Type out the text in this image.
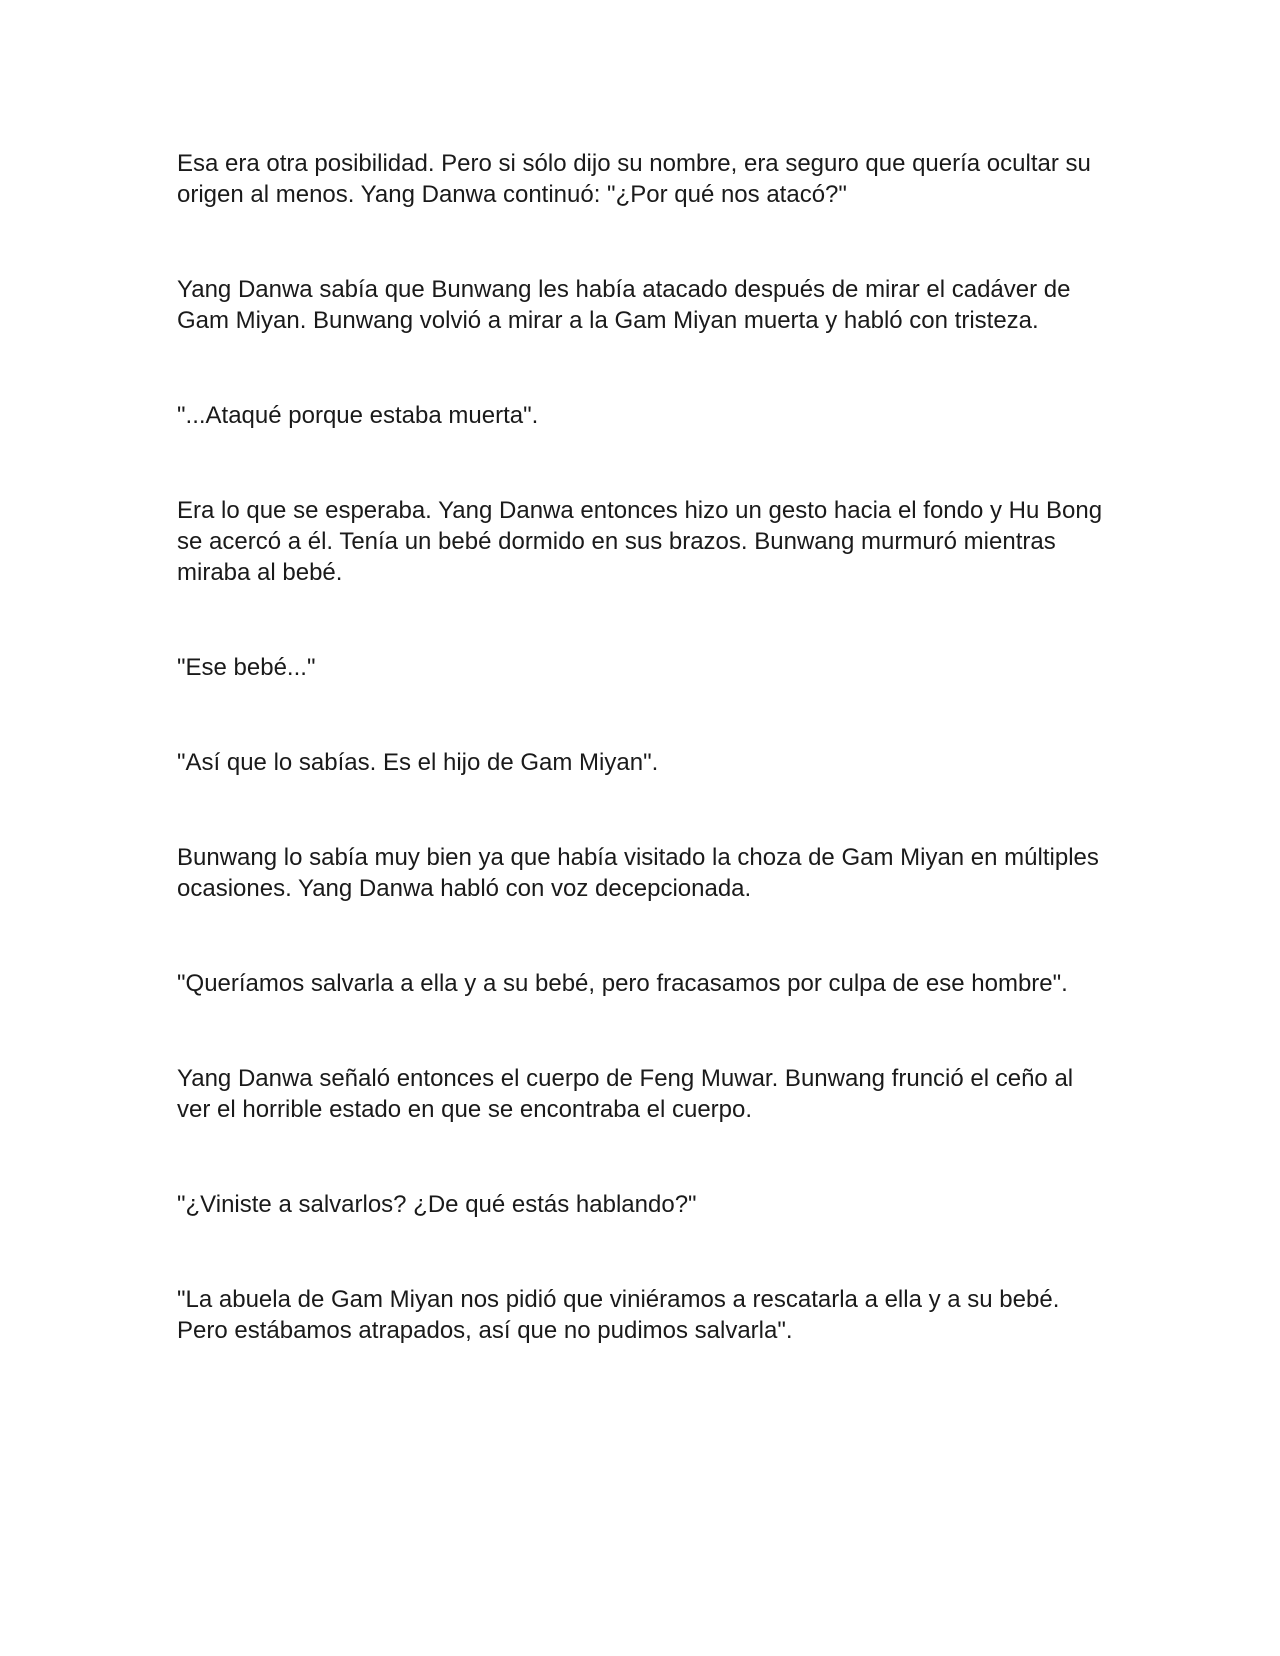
Esa era otra posibilidad. Pero si sólo dijo su nombre, era seguro que quería ocultar su origen al menos. Yang Danwa continuó: "¿Por qué nos atacó?"

Yang Danwa sabía que Bunwang les había atacado después de mirar el cadáver de Gam Miyan. Bunwang volvió a mirar a la Gam Miyan muerta y habló con tristeza.

"...Ataqué porque estaba muerta".

Era lo que se esperaba. Yang Danwa entonces hizo un gesto hacia el fondo y Hu Bong se acercó a él. Tenía un bebé dormido en sus brazos. Bunwang murmuró mientras miraba al bebé.

"Ese bebé..."

"Así que lo sabías. Es el hijo de Gam Miyan".

Bunwang lo sabía muy bien ya que había visitado la choza de Gam Miyan en múltiples ocasiones. Yang Danwa habló con voz decepcionada.

"Queríamos salvarla a ella y a su bebé, pero fracasamos por culpa de ese hombre".

Yang Danwa señaló entonces el cuerpo de Feng Muwar. Bunwang frunció el ceño al ver el horrible estado en que se encontraba el cuerpo.

"¿Viniste a salvarlos? ¿De qué estás hablando?"

"La abuela de Gam Miyan nos pidió que viniéramos a rescatarla a ella y a su bebé. Pero estábamos atrapados, así que no pudimos salvarla".
